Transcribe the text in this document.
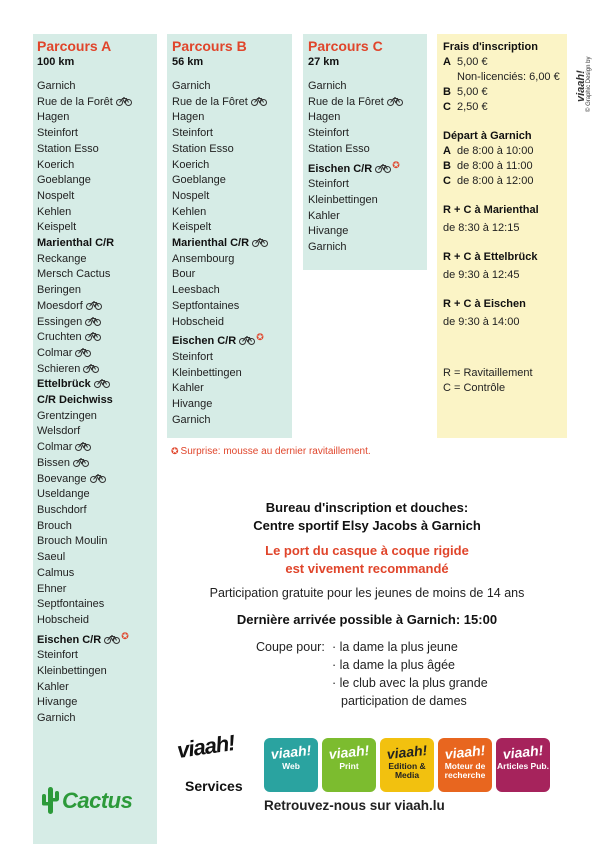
Parcours A
100 km
Garnich
Rue de la Forêt
Hagen
Steinfort
Station Esso
Koerich
Goeblange
Nospelt
Kehlen
Keispelt
Marienthal C/R
Reckange
Mersch Cactus
Beringen
Moesdorf
Essingen
Cruchten
Colmar
Schieren
Ettelbrück
C/R Deichwiss
Grentzingen
Welsdorf
Colmar
Bissen
Boevange
Useldange
Buschdorf
Brouch
Brouch Moulin
Saeul
Calmus
Ehner
Septfontaines
Hobscheid
Eischen C/R ✪
Steinfort
Kleinbettingen
Kahler
Hivange
Garnich
Parcours B
56 km
Garnich
Rue de la Fôret
Hagen
Steinfort
Station Esso
Koerich
Goeblange
Nospelt
Kehlen
Keispelt
Marienthal C/R
Ansembourg
Bour
Leesbach
Septfontaines
Hobscheid
Eischen C/R ✪
Steinfort
Kleinbettingen
Kahler
Hivange
Garnich
Parcours C
27 km
Garnich
Rue de la Fôret
Hagen
Steinfort
Station Esso
Eischen C/R ✪
Steinfort
Kleinbettingen
Kahler
Hivange
Garnich
Frais d'inscription
A 5,00 €
Non-licenciés: 6,00 €
B 5,00 €
C 2,50 €
Départ à Garnich
A de 8:00 à 10:00
B de 8:00 à 11:00
C de 8:00 à 12:00
R + C à Marienthal
de 8:30 à 12:15
R + C à Ettelbrück
de 9:30 à 12:45
R + C à Eischen
de 9:30 à 14:00
R = Ravitaillement
C = Contrôle
© Graphic Design by
viaah!
✪ Surprise: mousse au dernier ravitaillement.
Bureau d'inscription et douches:
Centre sportif Elsy Jacobs à Garnich
Le port du casque à coque rigide
est vivement recommandé
Participation gratuite pour les jeunes de moins de 14 ans
Dernière arrivée possible à Garnich: 15:00
Coupe pour: · la dame la plus jeune
· la dame la plus âgée
· le club avec la plus grande
participation de dames
Cactus
viaah!
Services
viaah!
Web
viaah!
Print
viaah!
Edition & Media
viaah!
Moteur de recherche
viaah!
Articles Pub.
Retrouvez-nous sur viaah.lu
